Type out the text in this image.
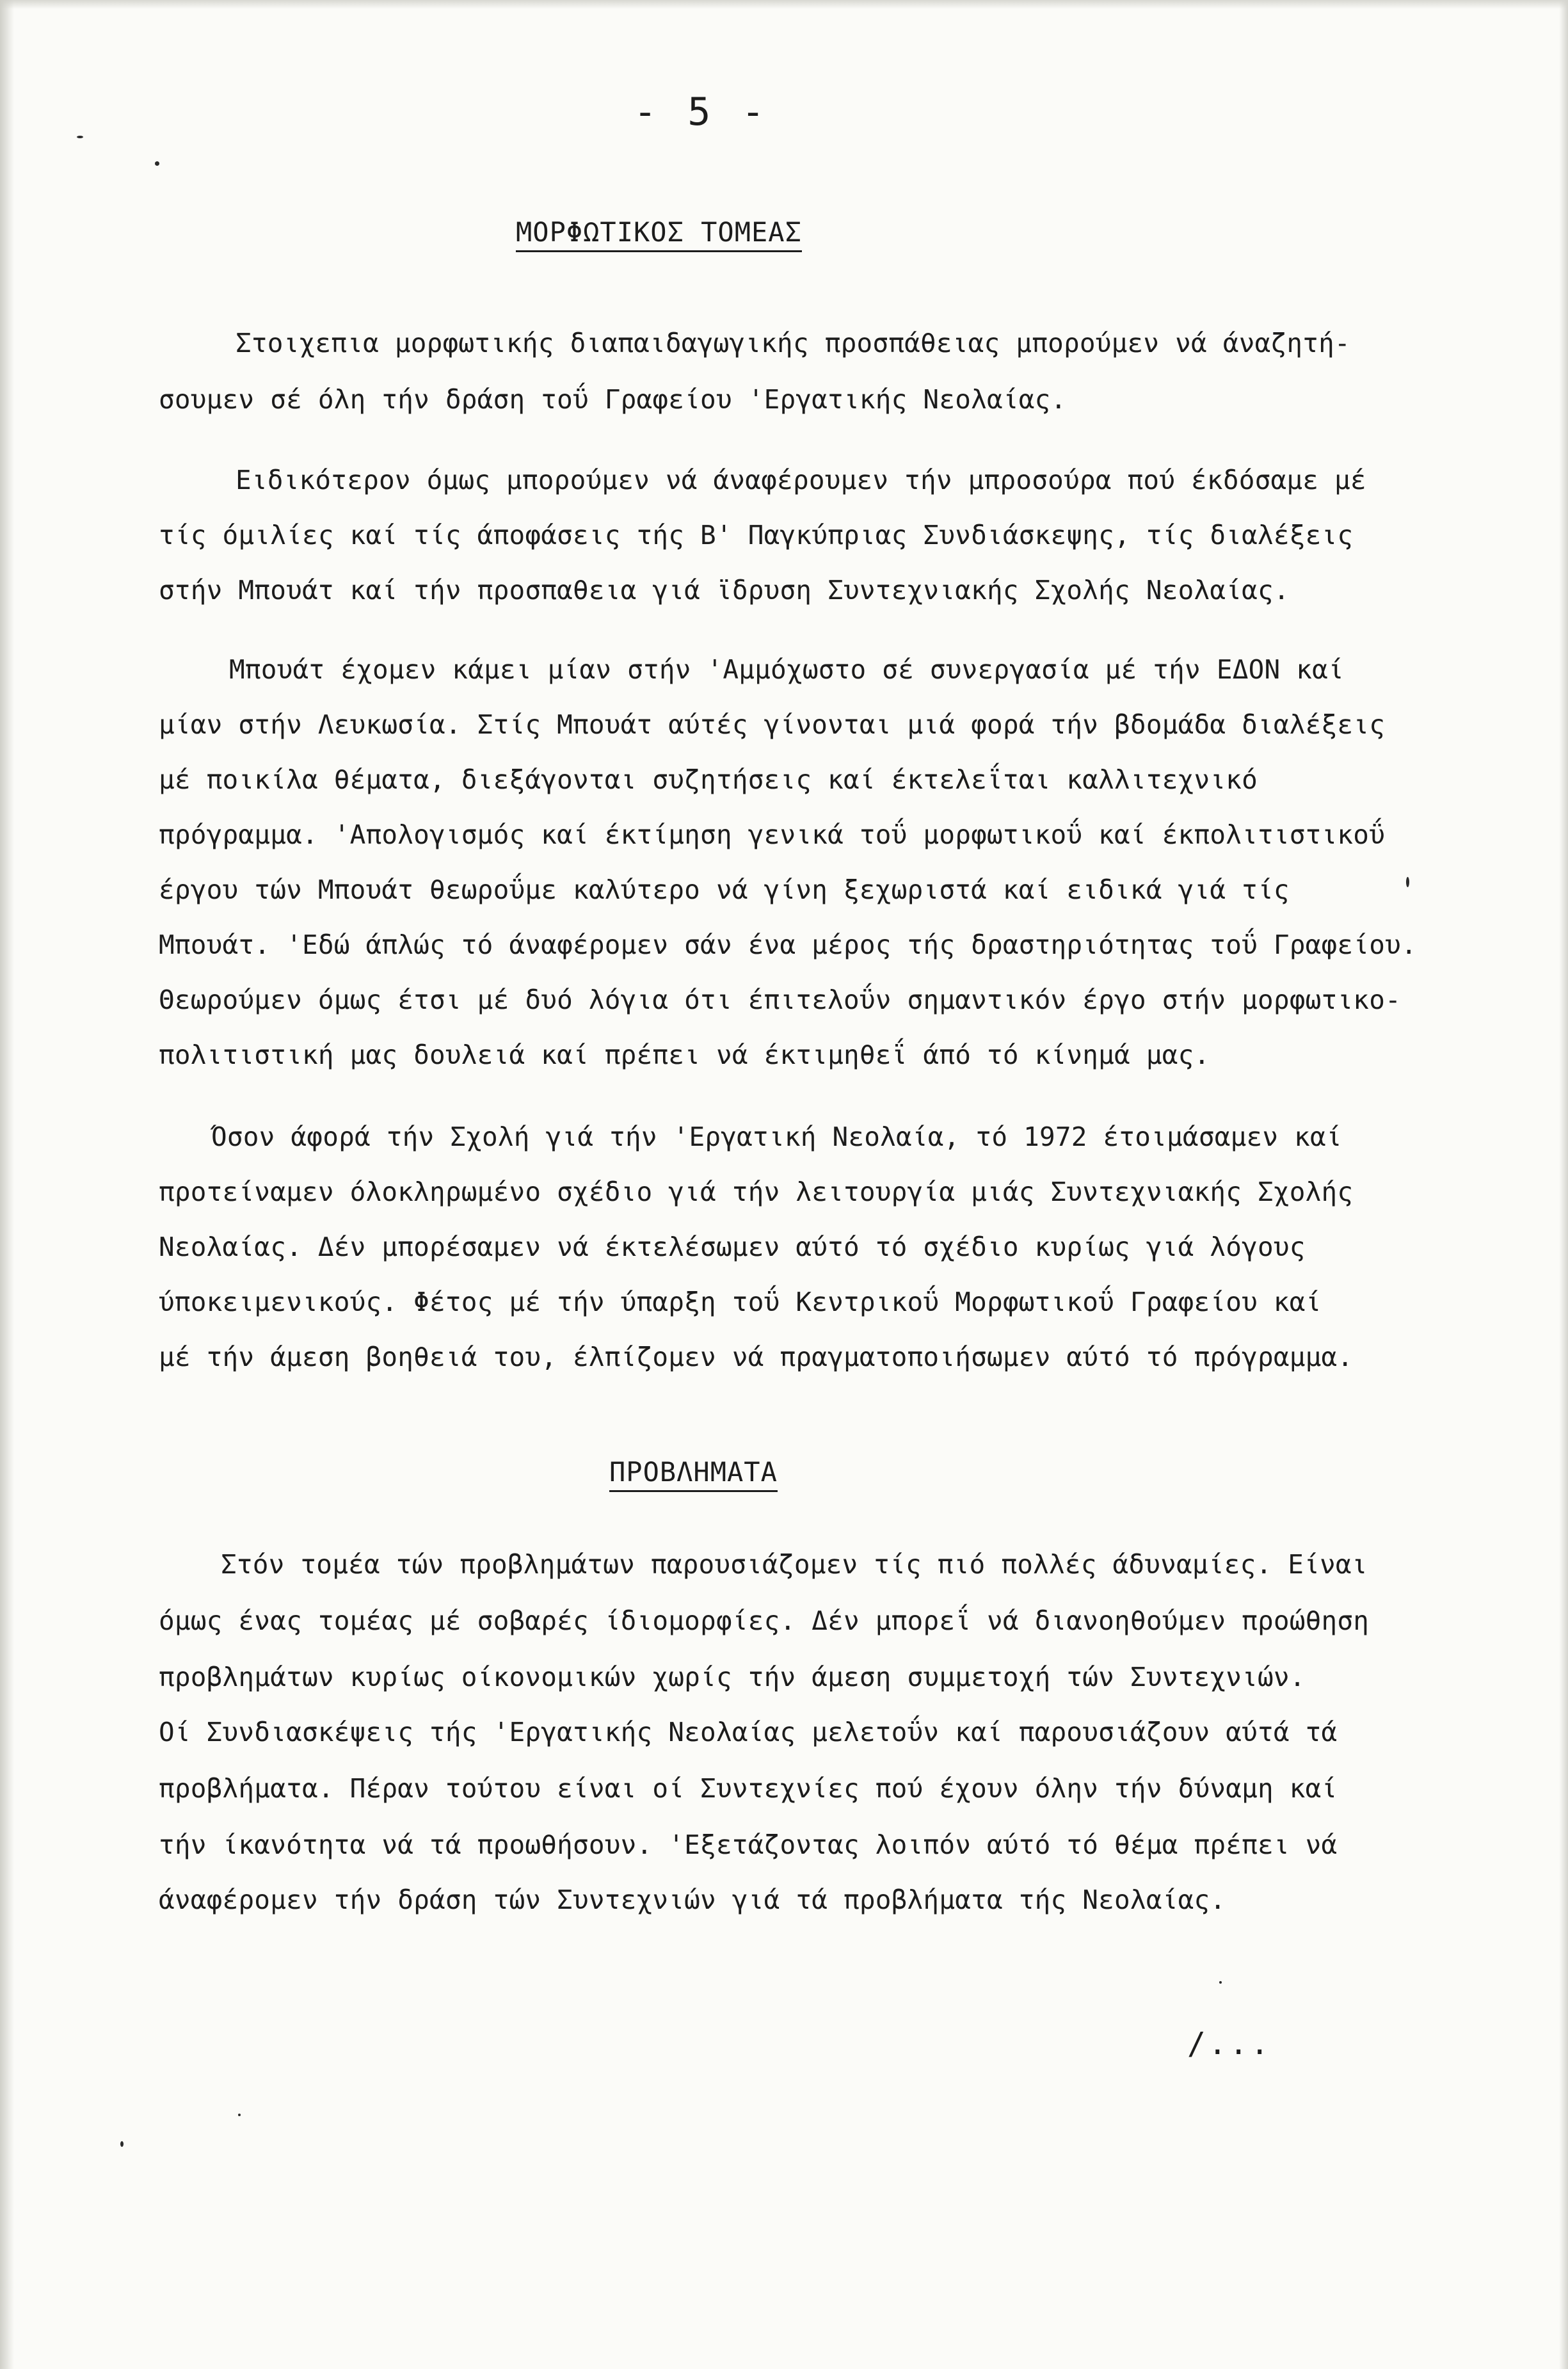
- 5 -
ΜΟΡΦΩΤΙΚΟΣ ΤΟΜΕΑΣ
Στοιχεπια μορφωτικής διαπαιδαγωγικής προσπάθειας μπορούμεν νά άναζητή-
σουμεν σέ όλη τήν δράση τοΰ Γραφείου 'Εργατικής Νεολαίας.
Ειδικότερον όμως μπορούμεν νά άναφέρουμεν τήν μπροσούρα πού έκδόσαμε μέ
τίς όμιλίες καί τίς άποφάσεις τής Β' Παγκύπριας Συνδιάσκεψης, τίς διαλέξεις
στήν Μπουάτ καί τήν προσπαθεια γιά ϊδρυση Συντεχνιακής Σχολής Νεολαίας.
Μπουάτ έχομεν κάμει μίαν στήν 'Αμμόχωστο σέ συνεργασία μέ τήν ΕΔΟΝ καί
μίαν στήν Λευκωσία. Στίς Μπουάτ αύτές γίνονται μιά φορά τήν βδομάδα διαλέξεις
μέ ποικίλα θέματα, διεξάγονται συζητήσεις καί έκτελεΐται καλλιτεχνικό
πρόγραμμα. 'Απολογισμός καί έκτίμηση γενικά τοΰ μορφωτικοΰ καί έκπολιτιστικοΰ
έργου τών Μπουάτ θεωροΰμε καλύτερο νά γίνη ξεχωριστά καί ειδικά γιά τίς
Μπουάτ. 'Εδώ άπλώς τό άναφέρομεν σάν ένα μέρος τής δραστηριότητας τοΰ Γραφείου.
Θεωρούμεν όμως έτσι μέ δυό λόγια ότι έπιτελοΰν σημαντικόν έργο στήν μορφωτικο-
πολιτιστική μας δουλειά καί πρέπει νά έκτιμηθεΐ άπό τό κίνημά μας.
Όσον άφορά τήν Σχολή γιά τήν 'Εργατική Νεολαία, τό 1972 έτοιμάσαμεν καί
προτείναμεν όλοκληρωμένο σχέδιο γιά τήν λειτουργία μιάς Συντεχνιακής Σχολής
Νεολαίας. Δέν μπορέσαμεν νά έκτελέσωμεν αύτό τό σχέδιο κυρίως γιά λόγους
ύποκειμενικούς. Φέτος μέ τήν ύπαρξη τοΰ Κεντρικοΰ Μορφωτικοΰ Γραφείου καί
μέ τήν άμεση βοηθειά του, έλπίζομεν νά πραγματοποιήσωμεν αύτό τό πρόγραμμα.
ΠΡΟΒΛΗΜΑΤΑ
Στόν τομέα τών προβλημάτων παρουσιάζομεν τίς πιό πολλές άδυναμίες. Είναι
όμως ένας τομέας μέ σοβαρές ίδιομορφίες. Δέν μπορεΐ νά διανοηθούμεν προώθηση
προβλημάτων κυρίως οίκονομικών χωρίς τήν άμεση συμμετοχή τών Συντεχνιών.
Οί Συνδιασκέψεις τής 'Εργατικής Νεολαίας μελετοΰν καί παρουσιάζουν αύτά τά
προβλήματα. Πέραν τούτου είναι οί Συντεχνίες πού έχουν όλην τήν δύναμη καί
τήν ίκανότητα νά τά προωθήσουν. 'Εξετάζοντας λοιπόν αύτό τό θέμα πρέπει νά
άναφέρομεν τήν δράση τών Συντεχνιών γιά τά προβλήματα τής Νεολαίας.
/...
